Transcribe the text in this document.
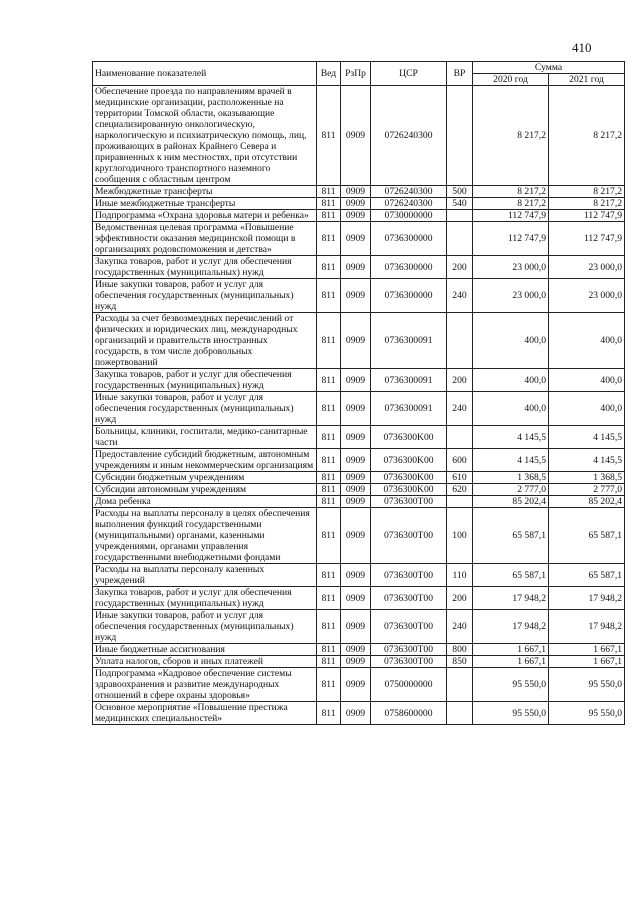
410
Наименование показателей	Вед	РзПр	ЦСР	ВР	Сумма	
					2020 год	2021 год
Обеспечение проезда по направлениям врачей в медицинские организации, расположенные на территории Томской области, оказывающие специализированную онкологическую, наркологическую и психиатрическую помощь, лиц, проживающих в районах Крайнего Севера и приравненных к ним местностях, при отсутствии круглогодичного транспортного наземного сообщения с областным центром	811	0909	0726240300		8 217,2	8 217,2
Межбюджетные трансферты	811	0909	0726240300	500	8 217,2	8 217,2
Иные межбюджетные трансферты	811	0909	0726240300	540	8 217,2	8 217,2
Подпрограмма «Охрана здоровья матери и ребенка»	811	0909	0730000000		112 747,9	112 747,9
Ведомственная целевая программа «Повышение эффективности оказания медицинской помощи в организациях родовспоможения и детства»	811	0909	0736300000		112 747,9	112 747,9
Закупка товаров, работ и услуг для обеспечения государственных (муниципальных) нужд	811	0909	0736300000	200	23 000,0	23 000,0
Иные закупки товаров, работ и услуг для обеспечения государственных (муниципальных) нужд	811	0909	0736300000	240	23 000,0	23 000,0
Расходы за счет безвозмездных перечислений от физических и юридических лиц, международных организаций и правительств иностранных государств, в том числе добровольных пожертвований	811	0909	0736300091		400,0	400,0
Закупка товаров, работ и услуг для обеспечения государственных (муниципальных) нужд	811	0909	0736300091	200	400,0	400,0
Иные закупки товаров, работ и услуг для обеспечения государственных (муниципальных) нужд	811	0909	0736300091	240	400,0	400,0
Больницы, клиники, госпитали, медико-санитарные части	811	0909	0736300K00		4 145,5	4 145,5
Предоставление субсидий бюджетным, автономным учреждениям и иным некоммерческим организациям	811	0909	0736300K00	600	4 145,5	4 145,5
Субсидии бюджетным учреждениям	811	0909	0736300K00	610	1 368,5	1 368,5
Субсидии автономным учреждениям	811	0909	0736300K00	620	2 777,0	2 777,0
Дома ребенка	811	0909	0736300T00		85 202,4	85 202,4
Расходы на выплаты персоналу в целях обеспечения выполнения функций государственными (муниципальными) органами, казенными учреждениями, органами управления государственными внебюджетными фондами	811	0909	0736300T00	100	65 587,1	65 587,1
Расходы на выплаты персоналу казенных учреждений	811	0909	0736300T00	110	65 587,1	65 587,1
Закупка товаров, работ и услуг для обеспечения государственных (муниципальных) нужд	811	0909	0736300T00	200	17 948,2	17 948,2
Иные закупки товаров, работ и услуг для обеспечения государственных (муниципальных) нужд	811	0909	0736300T00	240	17 948,2	17 948,2
Иные бюджетные ассигнования	811	0909	0736300T00	800	1 667,1	1 667,1
Уплата налогов, сборов и иных платежей	811	0909	0736300T00	850	1 667,1	1 667,1
Подпрограмма «Кадровое обеспечение системы здравоохранения и развитие международных отношений в сфере охраны здоровья»	811	0909	0750000000		95 550,0	95 550,0
Основное мероприятие «Повышение престижа медицинских специальностей»	811	0909	0758600000		95 550,0	95 550,0
